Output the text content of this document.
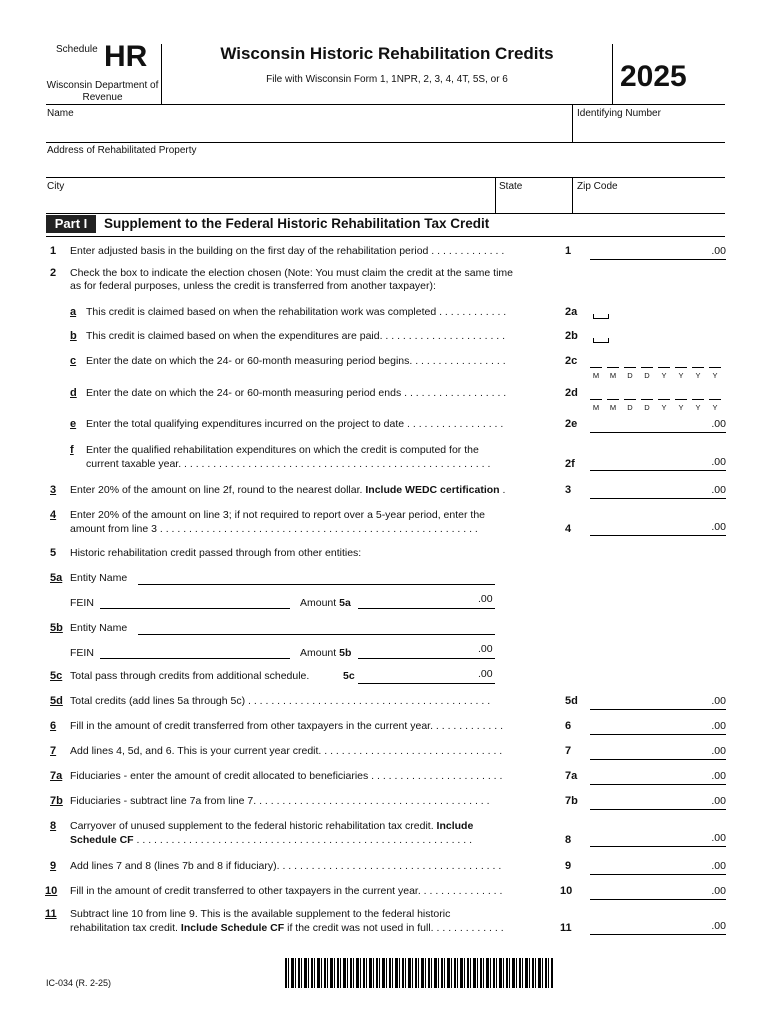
Schedule HR
Wisconsin Department of Revenue
Wisconsin Historic Rehabilitation Credits
File with Wisconsin Form 1, 1NPR, 2, 3, 4, 4T, 5S, or 6	2025
Name	Identifying Number
Address of Rehabilitated Property
City	State	Zip Code
Part I	Supplement to the Federal Historic Rehabilitation Tax Credit
1 Enter adjusted basis in the building on the first day of the rehabilitation period . . . . . . . . . . . . .	1	.00
2 Check the box to indicate the election chosen (Note: You must claim the credit at the same time
as for federal purposes, unless the credit is transferred from another taxpayer):
a This credit is claimed based on when the rehabilitation work was completed . . . . . . . . . . . .	2a
b This credit is claimed based on when the expenditures are paid. . . . . . . . . . . . . . . . . . . . . .	2b
c Enter the date on which the 24- or 60-month measuring period begins. . . . . . . . . . . . . . . . .	2c
M	M	D	D	Y	Y	Y	Y
d Enter the date on which the 24- or 60-month measuring period ends . . . . . . . . . . . . . . . . . .	2d
M	M	D	D	Y	Y	Y	Y
e Enter the total qualifying expenditures incurred on the project to date . . . . . . . . . . . . . . . . .	2e	.00
f Enter the qualified rehabilitation expenditures on which the credit is computed for the
current taxable year. . . . . . . . . . . . . . . . . . . . . . . . . . . . . . . . . . . . . . . . . . . . . . . . . . . . . .	2f	.00
3 Enter 20% of the amount on line 2f, round to the nearest dollar. Include WEDC certification .	3	.00
4 Enter 20% of the amount on line 3; if not required to report over a 5-year period, enter the
amount from line 3 . . . . . . . . . . . . . . . . . . . . . . . . . . . . . . . . . . . . . . . . . . . . . . . . . . . . . . .	4	.00
5 Historic rehabilitation credit passed through from other entities:
5a Entity Name
FEIN	Amount 5a	.00
5b Entity Name
FEIN	Amount 5b	.00
5c Total pass through credits from additional schedule.	5c	.00
5d Total credits (add lines 5a through 5c) . . . . . . . . . . . . . . . . . . . . . . . . . . . . . . . . . . . . . . . . . .	5d	.00
6 Fill in the amount of credit transferred from other taxpayers in the current year. . . . . . . . . . . . .	6	.00
7 Add lines 4, 5d, and 6. This is your current year credit. . . . . . . . . . . . . . . . . . . . . . . . . . . . . . . .	7	.00
7a Fiduciaries - enter the amount of credit allocated to beneficiaries . . . . . . . . . . . . . . . . . . . . . . .	7a	.00
7b Fiduciaries - subtract line 7a from line 7. . . . . . . . . . . . . . . . . . . . . . . . . . . . . . . . . . . . . . . . .	7b	.00
8 Carryover of unused supplement to the federal historic rehabilitation tax credit. Include
Schedule CF . . . . . . . . . . . . . . . . . . . . . . . . . . . . . . . . . . . . . . . . . . . . . . . . . . . . . . . . . .	8	.00
9 Add lines 7 and 8 (lines 7b and 8 if fiduciary). . . . . . . . . . . . . . . . . . . . . . . . . . . . . . . . . . . . . . .	9	.00
10 Fill in the amount of credit transferred to other taxpayers in the current year. . . . . . . . . . . . . . .	10	.00
11 Subtract line 10 from line 9. This is the available supplement to the federal historic
rehabilitation tax credit. Include Schedule CF if the credit was not used in full. . . . . . . . . . . . .	11	.00
IC-034 (R. 2-25)
